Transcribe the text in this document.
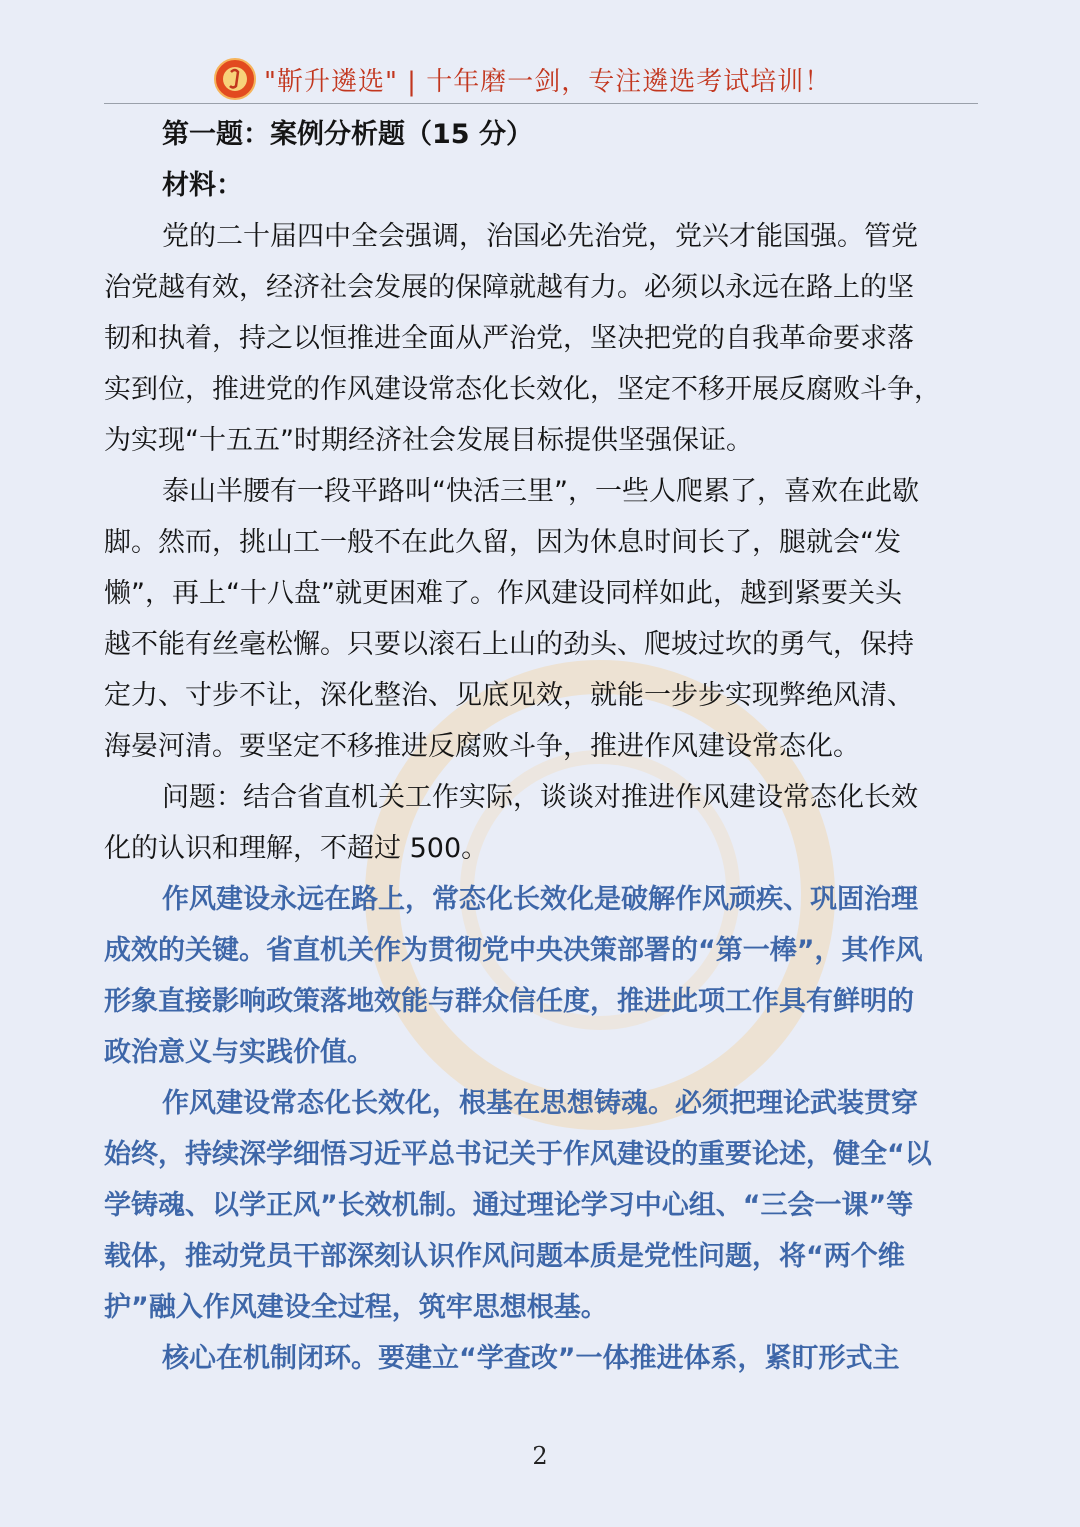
"靳升遴选" | 十年磨一剑，专注遴选考试培训！
第一题：案例分析题（15 分）
材料：
党的二十届四中全会强调，治国必先治党，党兴才能国强。管党
治党越有效，经济社会发展的保障就越有力。必须以永远在路上的坚
韧和执着，持之以恒推进全面从严治党，坚决把党的自我革命要求落
实到位，推进党的作风建设常态化长效化，坚定不移开展反腐败斗争，
为实现“十五五”时期经济社会发展目标提供坚强保证。
泰山半腰有一段平路叫“快活三里”，一些人爬累了，喜欢在此歇
脚。然而，挑山工一般不在此久留，因为休息时间长了，腿就会“发
懒”，再上“十八盘”就更困难了。作风建设同样如此，越到紧要关头
越不能有丝毫松懈。只要以滚石上山的劲头、爬坡过坎的勇气，保持
定力、寸步不让，深化整治、见底见效，就能一步步实现弊绝风清、
海晏河清。要坚定不移推进反腐败斗争，推进作风建设常态化。
问题：结合省直机关工作实际，谈谈对推进作风建设常态化长效
化的认识和理解，不超过 500。
作风建设永远在路上，常态化长效化是破解作风顽疾、巩固治理
成效的关键。省直机关作为贯彻党中央决策部署的“第一棒”，其作风
形象直接影响政策落地效能与群众信任度，推进此项工作具有鲜明的
政治意义与实践价值。
作风建设常态化长效化，根基在思想铸魂。必须把理论武装贯穿
始终，持续深学细悟习近平总书记关于作风建设的重要论述，健全“以
学铸魂、以学正风”长效机制。通过理论学习中心组、“三会一课”等
载体，推动党员干部深刻认识作风问题本质是党性问题，将“两个维
护”融入作风建设全过程，筑牢思想根基。
核心在机制闭环。要建立“学查改”一体推进体系，紧盯形式主
2
